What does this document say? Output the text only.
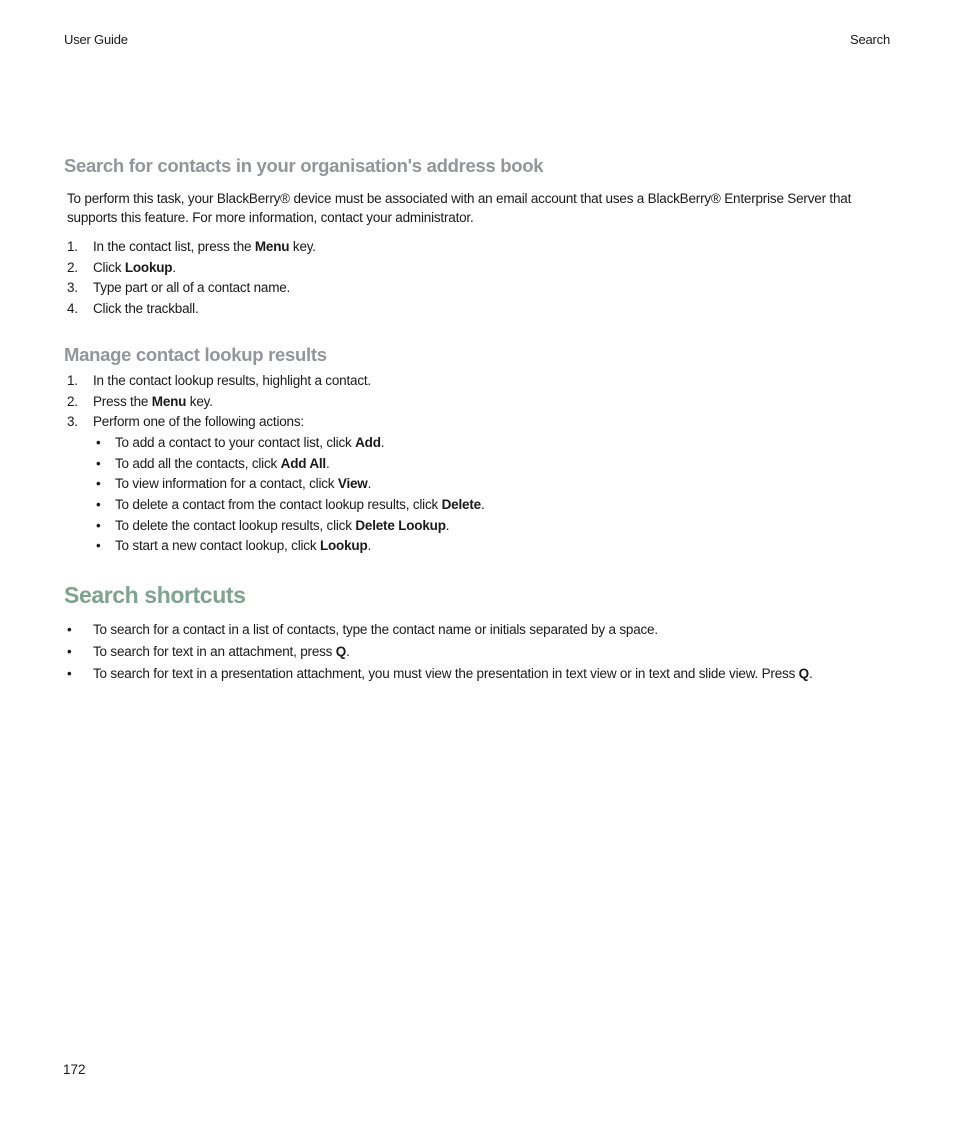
User Guide	Search
Search for contacts in your organisation's address book

To perform this task, your BlackBerry® device must be associated with an email account that uses a BlackBerry® Enterprise Server that supports this feature. For more information, contact your administrator.

1. In the contact list, press the Menu key.
2. Click Lookup.
3. Type part or all of a contact name.
4. Click the trackball.
Manage contact lookup results
1. In the contact lookup results, highlight a contact.
2. Press the Menu key.
3. Perform one of the following actions:
• To add a contact to your contact list, click Add.
• To add all the contacts, click Add All.
• To view information for a contact, click View.
• To delete a contact from the contact lookup results, click Delete.
• To delete the contact lookup results, click Delete Lookup.
• To start a new contact lookup, click Lookup.
Search shortcuts
• To search for a contact in a list of contacts, type the contact name or initials separated by a space.
• To search for text in an attachment, press Q.
• To search for text in a presentation attachment, you must view the presentation in text view or in text and slide view. Press Q.
172
